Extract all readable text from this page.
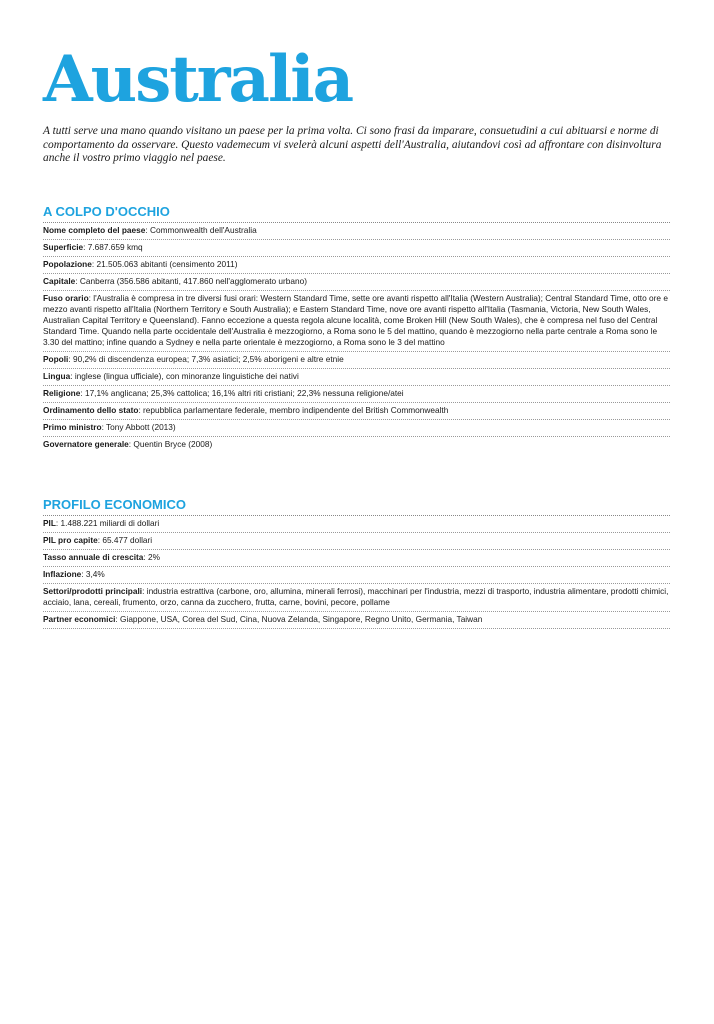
Australia

A tutti serve una mano quando visitano un paese per la prima volta. Ci sono frasi da imparare, consuetudini a cui abituarsi e norme di comportamento da osservare. Questo vademecum vi svelerà alcuni aspetti dell'Australia, aiutandovi così ad affrontare con disinvoltura anche il vostro primo viaggio nel paese.

A COLPO D'OCCHIO
Nome completo del paese: Commonwealth dell'Australia
Superficie: 7.687.659 kmq
Popolazione: 21.505.063 abitanti (censimento 2011)
Capitale: Canberra (356.586 abitanti, 417.860 nell'agglomerato urbano)
Fuso orario: l'Australia è compresa in tre diversi fusi orari: Western Standard Time, sette ore avanti rispetto all'Italia (Western Australia); Central Standard Time, otto ore e mezzo avanti rispetto all'Italia (Northern Territory e South Australia); e Eastern Standard Time, nove ore avanti rispetto all'Italia (Tasmania, Victoria, New South Wales, Australian Capital Territory e Queensland). Fanno eccezione a questa regola alcune località, come Broken Hill (New South Wales), che è compresa nel fuso del Central Standard Time. Quando nella parte occidentale dell'Australia è mezzogiorno, a Roma sono le 5 del mattino, quando è mezzogiorno nella parte centrale a Roma sono le 3.30 del mattino; infine quando a Sydney e nella parte orientale è mezzogiorno, a Roma sono le 3 del mattino
Popoli: 90,2% di discendenza europea; 7,3% asiatici; 2,5% aborigeni e altre etnie
Lingua: inglese (lingua ufficiale), con minoranze linguistiche dei nativi
Religione: 17,1% anglicana; 25,3% cattolica; 16,1% altri riti cristiani; 22,3% nessuna religione/atei
Ordinamento dello stato: repubblica parlamentare federale, membro indipendente del British Commonwealth
Primo ministro: Tony Abbott (2013)
Governatore generale: Quentin Bryce (2008)
PROFILO ECONOMICO
PIL: 1.488.221 miliardi di dollari
PIL pro capite: 65.477 dollari
Tasso annuale di crescita: 2%
Inflazione: 3,4%
Settori/prodotti principali: industria estrattiva (carbone, oro, allumina, minerali ferrosi), macchinari per l'industria, mezzi di trasporto, industria alimentare, prodotti chimici, acciaio, lana, cereali, frumento, orzo, canna da zucchero, frutta, carne, bovini, pecore, pollame
Partner economici: Giappone, USA, Corea del Sud, Cina, Nuova Zelanda, Singapore, Regno Unito, Germania, Taiwan
